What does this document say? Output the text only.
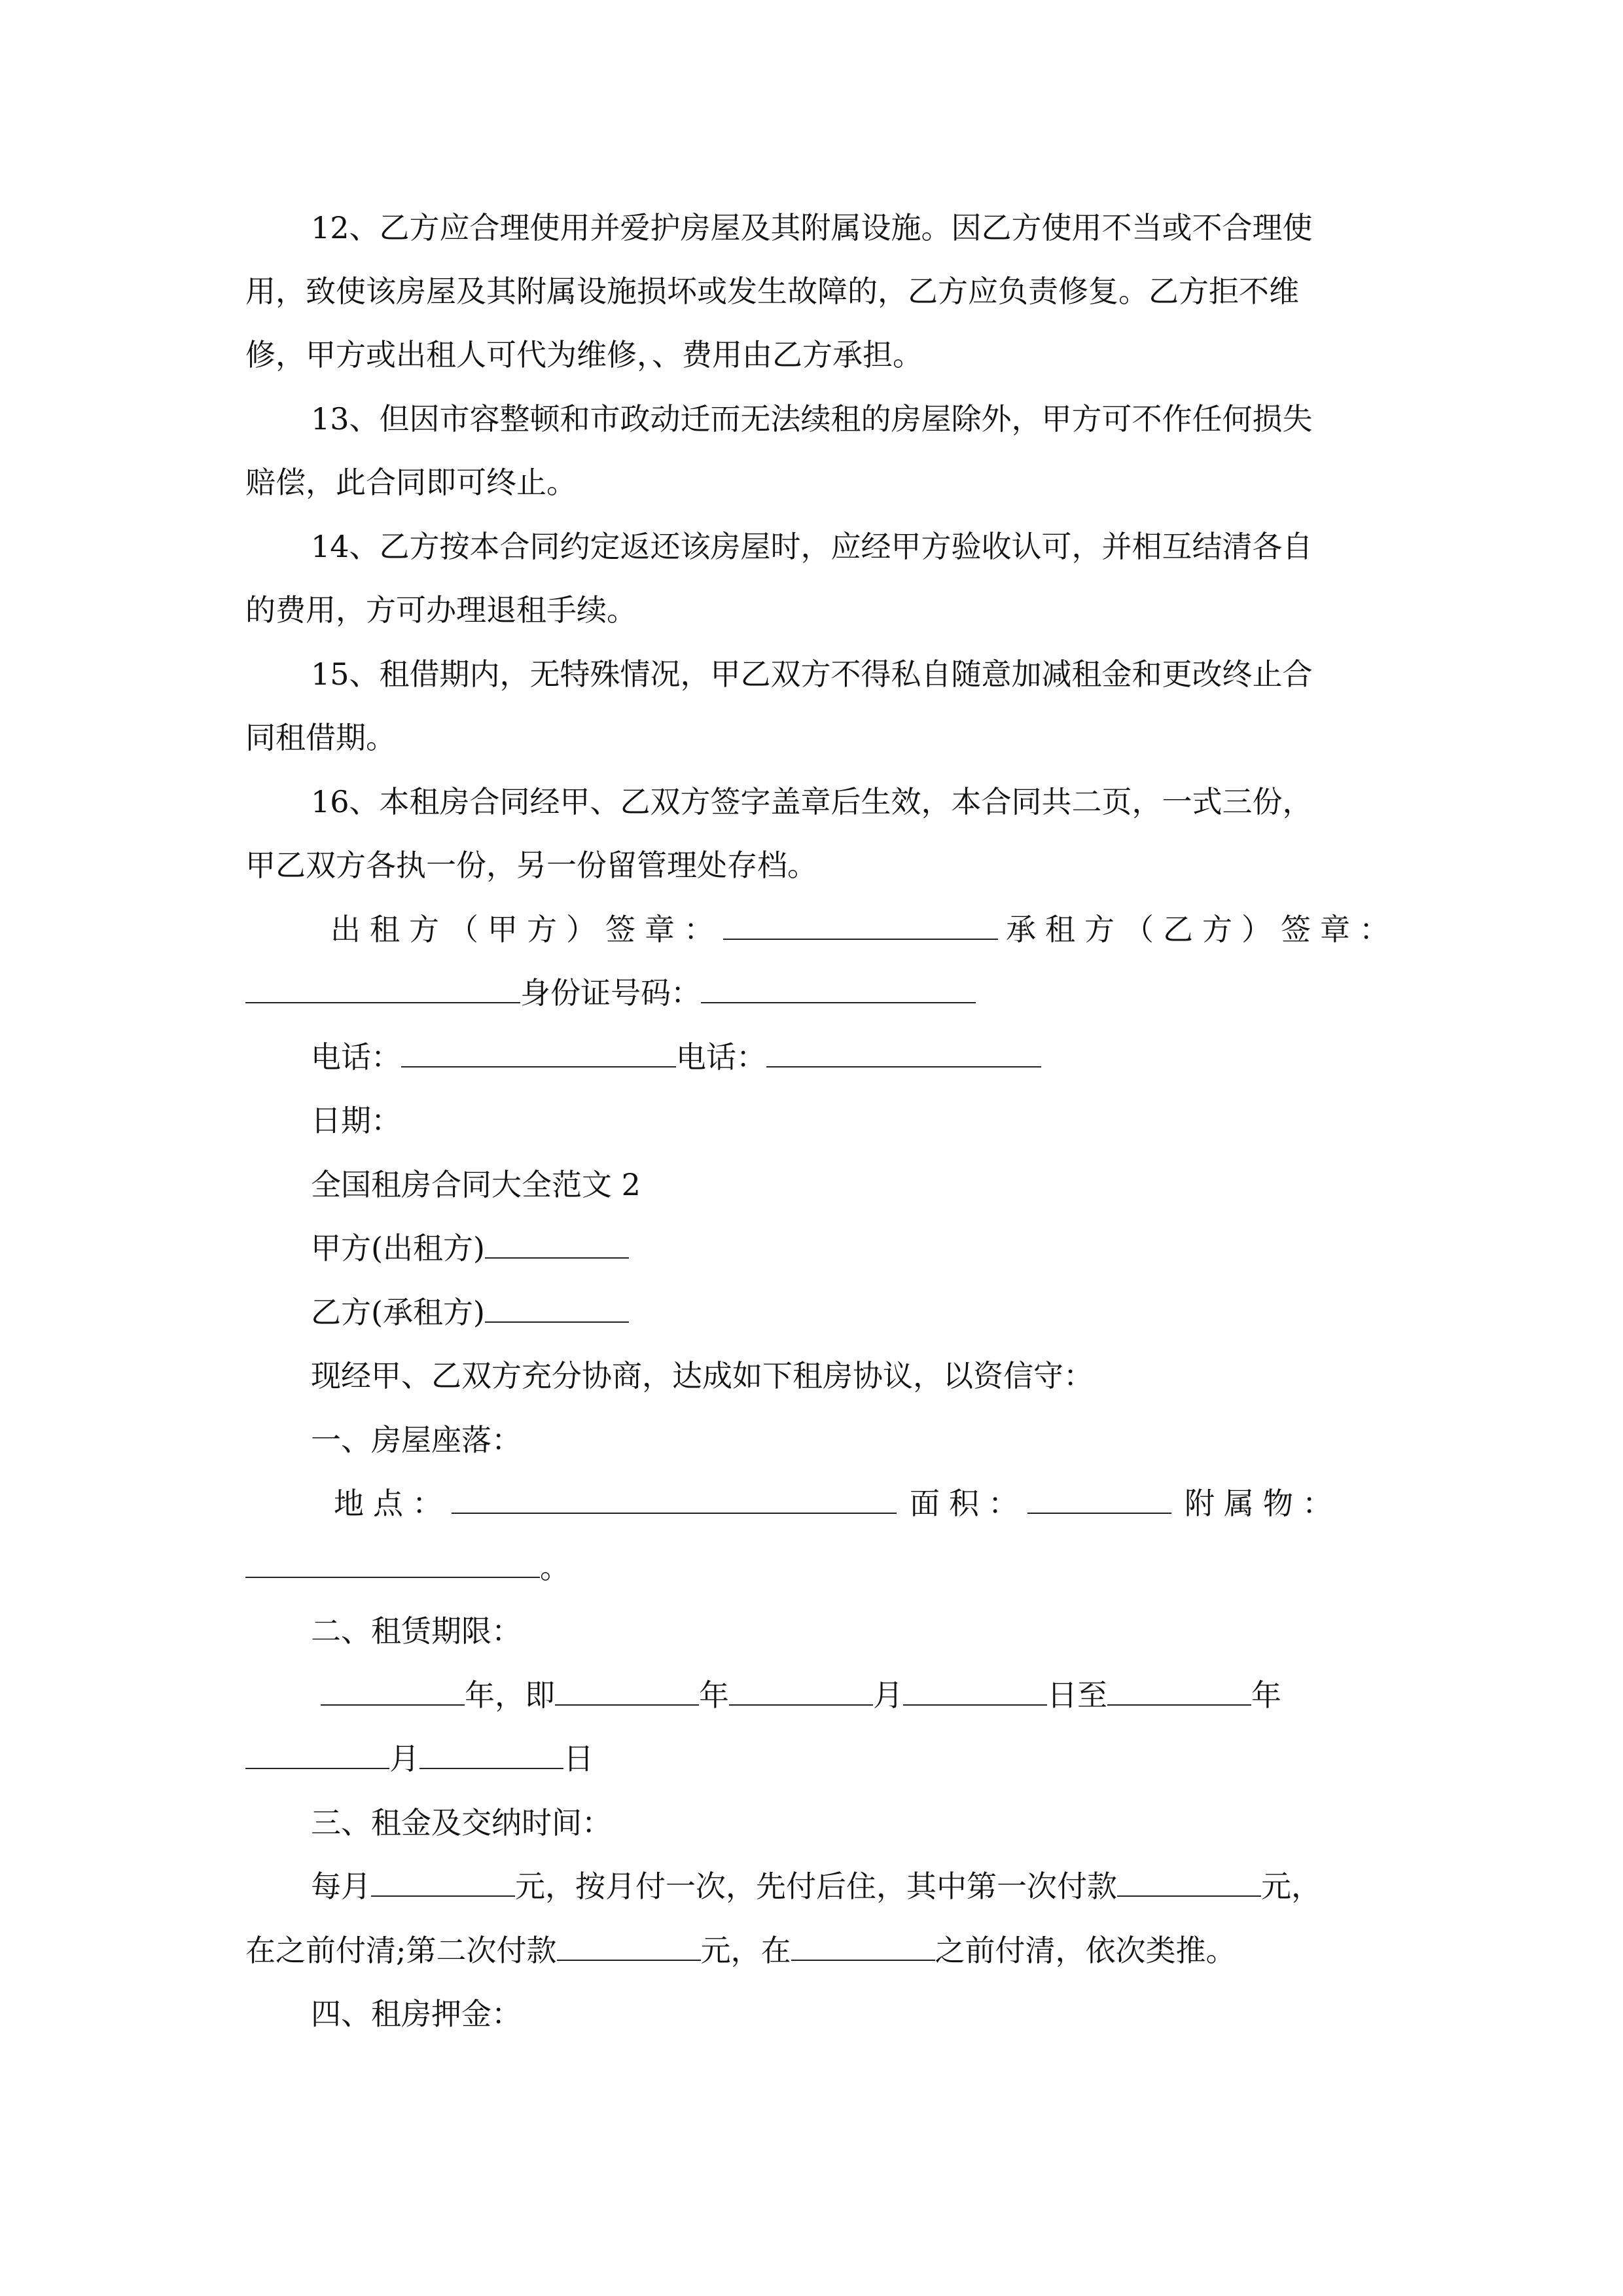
12、乙方应合理使用并爱护房屋及其附属设施。因乙方使用不当或不合理使
用，致使该房屋及其附属设施损坏或发生故障的，乙方应负责修复。乙方拒不维
修，甲方或出租人可代为维修，、费用由乙方承担。
13、但因市容整顿和市政动迁而无法续租的房屋除外，甲方可不作任何损失
赔偿，此合同即可终止。
14、乙方按本合同约定返还该房屋时，应经甲方验收认可，并相互结清各自
的费用，方可办理退租手续。
15、租借期内，无特殊情况，甲乙双方不得私自随意加减租金和更改终止合
同租借期。
16、本租房合同经甲、乙双方签字盖章后生效，本合同共二页，一式三份，
甲乙双方各执一份，另一份留管理处存档。
出租方（甲方）签章：	承租方（乙方）签章：
身份证号码：
电话：	电话：
日期：
全国租房合同大全范文 2
甲方(出租方)
乙方(承租方)
现经甲、乙双方充分协商，达成如下租房协议，以资信守：
一、房屋座落：
地点：	面积：	附属物：
。
二、租赁期限：
年，即	年	月	日至	年
月	日
三、租金及交纳时间：
每月	元，按月付一次，先付后住，其中第一次付款	元，
在之前付清;第二次付款	元，在	之前付清，依次类推。
四、租房押金：
